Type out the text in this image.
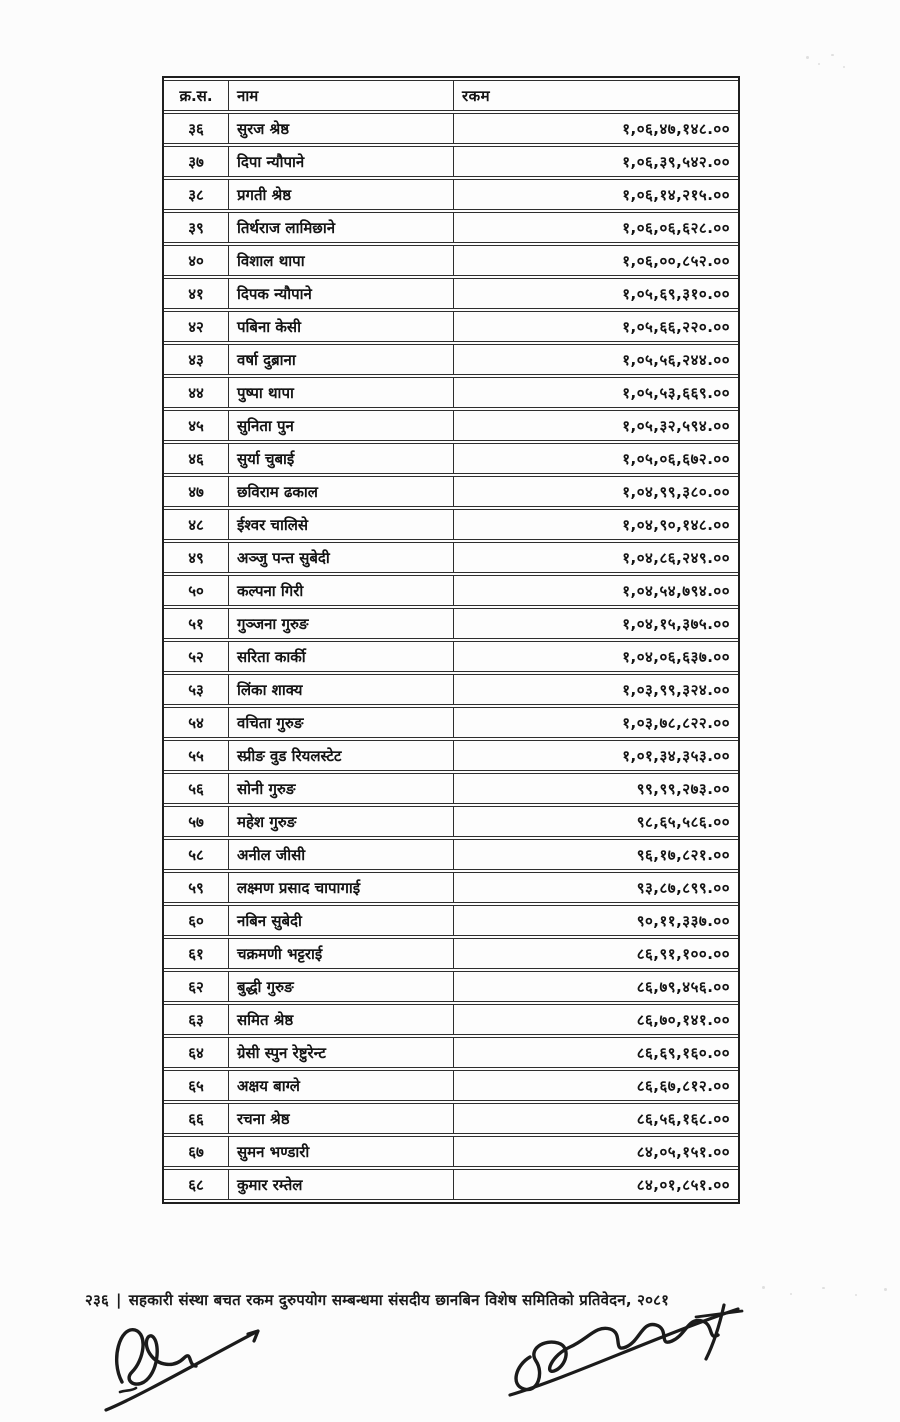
क्र.स.	नाम	रकम
३६	सुरज श्रेष्ठ	१,०६,४७,१४८.००
३७	दिपा न्यौपाने	१,०६,३९,५४२.००
३८	प्रगती श्रेष्ठ	१,०६,१४,२१५.००
३९	तिर्थराज लामिछाने	१,०६,०६,६२८.००
४०	विशाल थापा	१,०६,००,८५२.००
४१	दिपक न्यौपाने	१,०५,६९,३१०.००
४२	पबिना केसी	१,०५,६६,२२०.००
४३	वर्षा दुब्राना	१,०५,५६,२४४.००
४४	पुष्पा थापा	१,०५,५३,६६९.००
४५	सुनिता पुन	१,०५,३२,५९४.००
४६	सुर्या चुबाई	१,०५,०६,६७२.००
४७	छविराम ढकाल	१,०४,९९,३८०.००
४८	ईश्वर चालिसे	१,०४,९०,१४८.००
४९	अञ्जु पन्त सुबेदी	१,०४,८६,२४९.००
५०	कल्पना गिरी	१,०४,५४,७९४.००
५१	गुञ्जना गुरुङ	१,०४,१५,३७५.००
५२	सरिता कार्की	१,०४,०६,६३७.००
५३	लिंका शाक्य	१,०३,९९,३२४.००
५४	वचिता गुरुङ	१,०३,७८,८२२.००
५५	स्प्रीङ वुड रियलस्टेट	१,०१,३४,३५३.००
५६	सोनी गुरुङ	९९,९९,२७३.००
५७	महेश गुरुङ	९८,६५,५८६.००
५८	अनील जीसी	९६,१७,८२१.००
५९	लक्ष्मण प्रसाद चापागाई	९३,८७,८९९.००
६०	नबिन सुबेदी	९०,११,३३७.००
६१	चक्रमणी भट्टराई	८६,९१,१००.००
६२	बुद्धी गुरुङ	८६,७९,४५६.००
६३	समित श्रेष्ठ	८६,७०,१४१.००
६४	ग्रेसी स्पुन रेष्टुरेन्ट	८६,६९,१६०.००
६५	अक्षय बाग्ले	८६,६७,८१२.००
६६	रचना श्रेष्ठ	८६,५६,१६८.००
६७	सुमन भण्डारी	८४,०५,१५१.००
६८	कुमार रम्तेल	८४,०१,८५१.००
२३६ | सहकारी संस्था बचत रकम दुरुपयोग सम्बन्धमा संसदीय छानबिन विशेष समितिको प्रतिवेदन, २०८१
